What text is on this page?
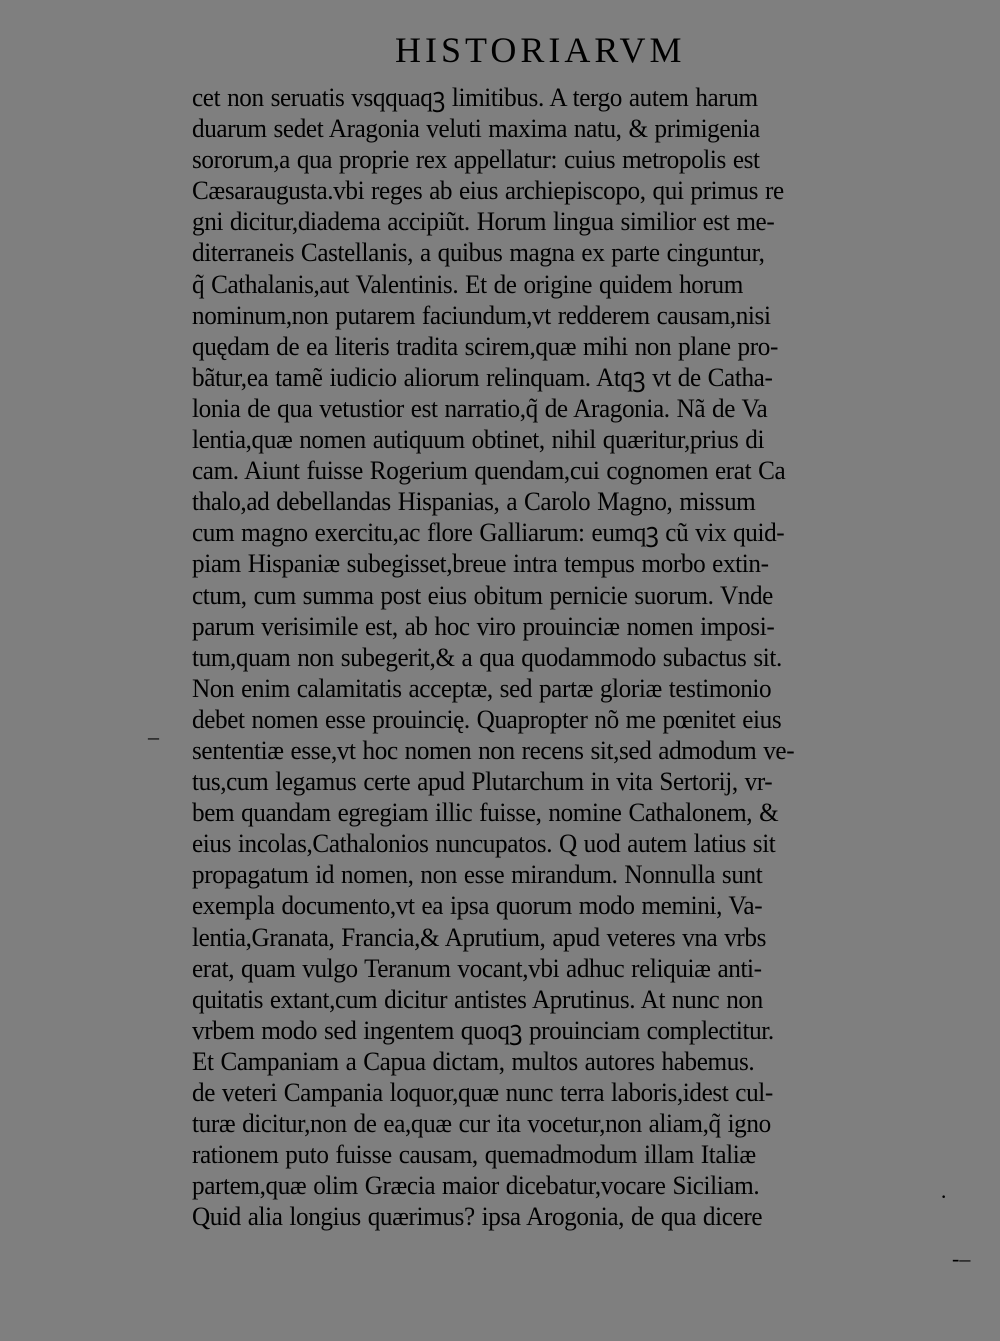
HISTORIARVM
cet non seruatis vsqquaqꝫ limitibus. A tergo autem harum
duarum sedet Aragonia veluti maxima natu, & primigenia
sororum,a qua proprie rex appellatur: cuius metropolis est
Cæsaraugusta.vbi reges ab eius archiepiscopo, qui primus re
gni dicitur,diadema accipiũt. Horum lingua similior est me-
diterraneis Castellanis, a quibus magna ex parte cinguntur,
q̃ Cathalanis,aut Valentinis. Et de origine quidem horum
nominum,non putarem faciundum,vt redderem causam,nisi
quędam de ea literis tradita scirem,quæ mihi non plane pro-
bãtur,ea tamẽ iudicio aliorum relinquam. Atqꝫ vt de Catha-
lonia de qua vetustior est narratio,q̃ de Aragonia. Nã de Va
lentia,quæ nomen autiquum obtinet, nihil quæritur,prius di
cam. Aiunt fuisse Rogerium quendam,cui cognomen erat Ca
thalo,ad debellandas Hispanias, a Carolo Magno, missum
cum magno exercitu,ac flore Galliarum: eumqꝫ cũ vix quid-
piam Hispaniæ subegisset,breue intra tempus morbo extin-
ctum, cum summa post eius obitum pernicie suorum. Vnde
parum verisimile est, ab hoc viro prouinciæ nomen imposi-
tum,quam non subegerit,& a qua quodammodo subactus sit.
Non enim calamitatis acceptæ, sed partæ gloriæ testimonio
debet nomen esse prouincię. Quapropter nõ me pœnitet eius
sententiæ esse,vt hoc nomen non recens sit,sed admodum ve-
tus,cum legamus certe apud Plutarchum in vita Sertorij, vr-
bem quandam egregiam illic fuisse, nomine Cathalonem, &
eius incolas,Cathalonios nuncupatos. Q uod autem latius sit
propagatum id nomen, non esse mirandum. Nonnulla sunt
exempla documento,vt ea ipsa quorum modo memini, Va-
lentia,Granata, Francia,& Aprutium, apud veteres vna vrbs
erat, quam vulgo Teranum vocant,vbi adhuc reliquiæ anti-
quitatis extant,cum dicitur antistes Aprutinus. At nunc non
vrbem modo sed ingentem quoqꝫ prouinciam complectitur.
Et Campaniam a Capua dictam, multos autores habemus.
de veteri Campania loquor,quæ nunc terra laboris,idest cul-
turæ dicitur,non de ea,quæ cur ita vocetur,non aliam,q̃ igno
rationem puto fuisse causam, quemadmodum illam Italiæ
partem,quæ olim Græcia maior dicebatur,vocare Siciliam.
Quid alia longius quærimus? ipsa Arogonia, de qua dicere
–
·
-–
